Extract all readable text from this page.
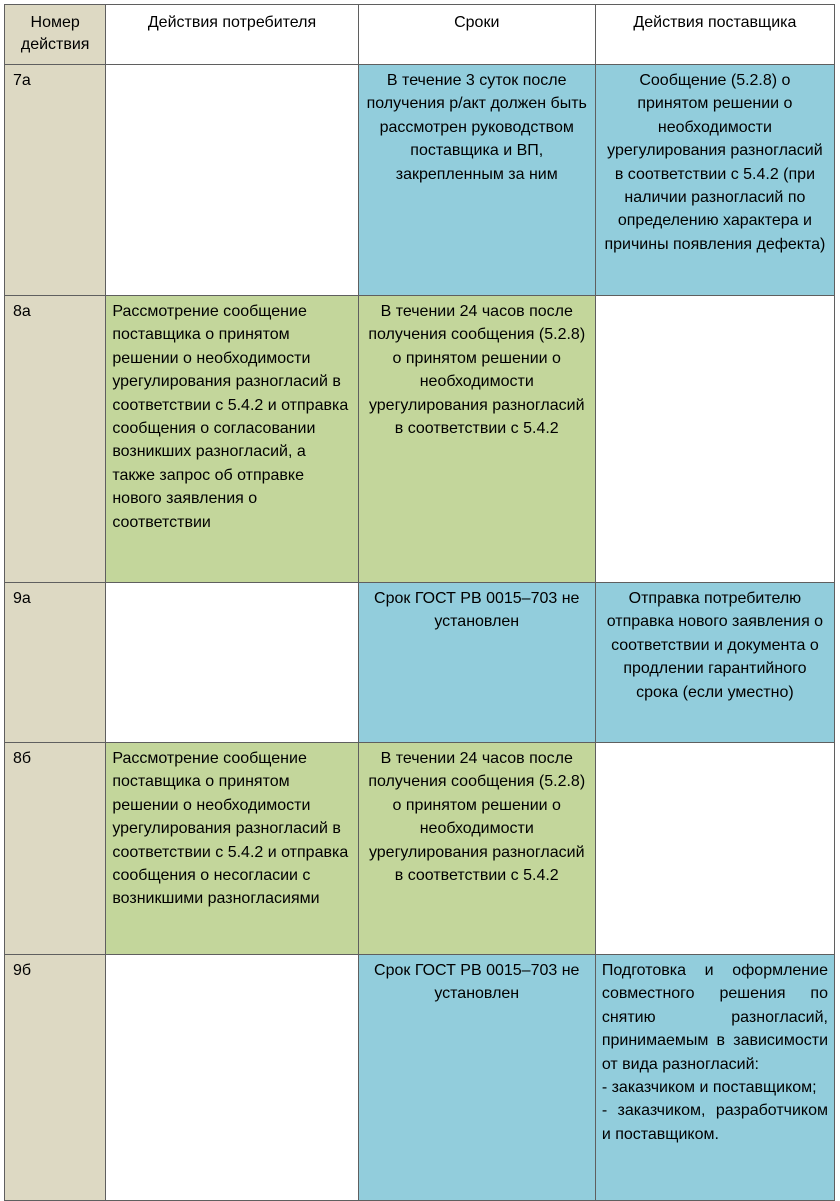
Номер
действия	Действия потребителя	Сроки	Действия поставщика

7а		В течение 3 суток после получения р/акт должен быть рассмотрен руководством поставщика и ВП, закрепленным за ним	Сообщение (5.2.8) о принятом решении о необходимости урегулирования разногласий в соответствии с 5.4.2 (при наличии разногласий по определению характера и причины появления дефекта)

8а	Рассмотрение сообщение поставщика о принятом решении о необходимости урегулирования разногласий в соответствии с 5.4.2 и отправка сообщения о согласовании возникших разногласий, а также запрос об отправке нового заявления о соответствии	В течении 24 часов после получения сообщения (5.2.8) о принятом решении о необходимости урегулирования разногласий в соответствии с 5.4.2	

9а		Срок ГОСТ РВ 0015–703 не установлен	Отправка потребителю отправка нового заявления о соответствии и документа о продлении гарантийного срока (если уместно)

8б	Рассмотрение сообщение поставщика о принятом решении о необходимости урегулирования разногласий в соответствии с 5.4.2 и отправка сообщения о несогласии с возникшими разногласиями	В течении 24 часов после получения сообщения (5.2.8) о принятом решении о необходимости урегулирования разногласий в соответствии с 5.4.2	

9б		Срок ГОСТ РВ 0015–703 не установлен	Подготовка и оформление совместного решения по снятию разногласий, принимаемым в зависимости от вида разногласий:
- заказчиком и поставщиком;
- заказчиком, разработчиком и поставщиком.
